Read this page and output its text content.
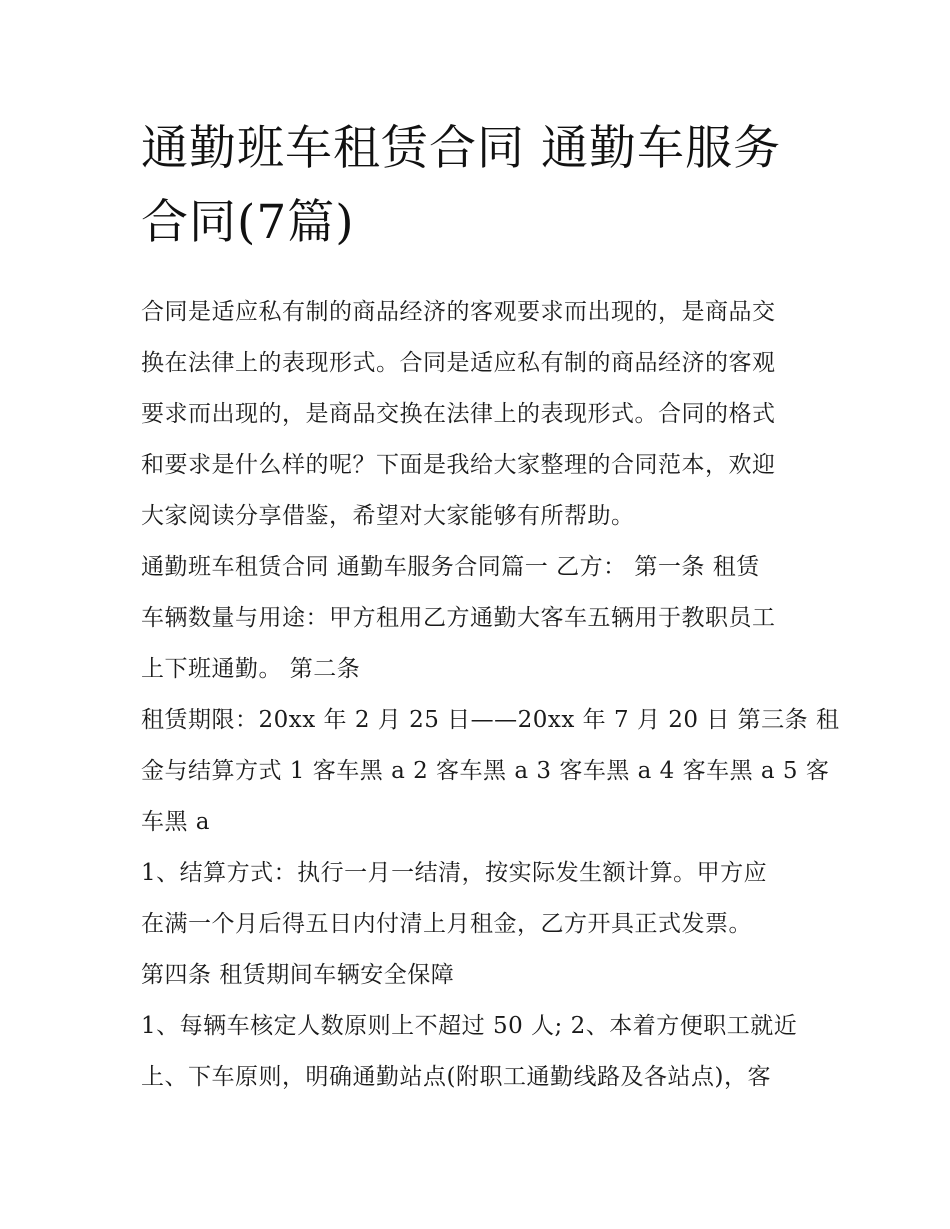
通勤班车租赁合同 通勤车服务
合同(7篇)

合同是适应私有制的商品经济的客观要求而出现的，是商品交
换在法律上的表现形式。合同是适应私有制的商品经济的客观
要求而出现的，是商品交换在法律上的表现形式。合同的格式
和要求是什么样的呢？下面是我给大家整理的合同范本，欢迎
大家阅读分享借鉴，希望对大家能够有所帮助。

通勤班车租赁合同 通勤车服务合同篇一 乙方： 第一条 租赁
车辆数量与用途：甲方租用乙方通勤大客车五辆用于教职员工
上下班通勤。 第二条

租赁期限：20xx 年 2 月 25 日——20xx 年 7 月 20 日 第三条 租
金与结算方式 1 客车黑 a 2 客车黑 a 3 客车黑 a 4 客车黑 a 5 客
车黑 a

1、结算方式：执行一月一结清，按实际发生额计算。甲方应
在满一个月后得五日内付清上月租金，乙方开具正式发票。

第四条 租赁期间车辆安全保障

1、每辆车核定人数原则上不超过 50 人; 2、本着方便职工就近
上、下车原则，明确通勤站点(附职工通勤线路及各站点)，客
